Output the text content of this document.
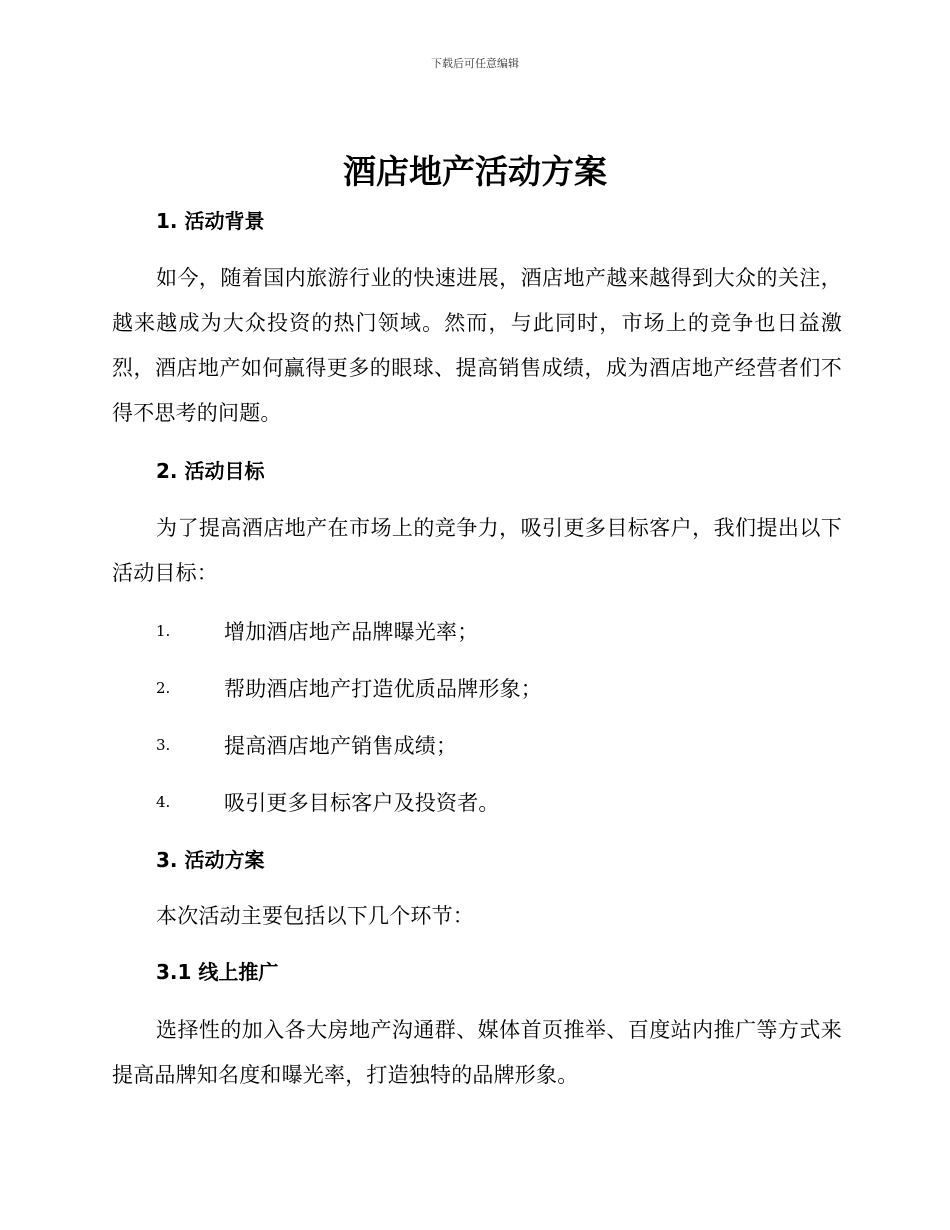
下载后可任意编辑
酒店地产活动方案
1. 活动背景

如今，随着国内旅游行业的快速进展，酒店地产越来越得到大众的关注，越来越成为大众投资的热门领域。然而，与此同时，市场上的竞争也日益激烈，酒店地产如何赢得更多的眼球、提高销售成绩，成为酒店地产经营者们不得不思考的问题。

2. 活动目标

为了提高酒店地产在市场上的竞争力，吸引更多目标客户，我们提出以下活动目标：

1.	增加酒店地产品牌曝光率；
2.	帮助酒店地产打造优质品牌形象；
3.	提高酒店地产销售成绩；
4.	吸引更多目标客户及投资者。
3. 活动方案

本次活动主要包括以下几个环节：

3.1 线上推广

选择性的加入各大房地产沟通群、媒体首页推举、百度站内推广等方式来提高品牌知名度和曝光率，打造独特的品牌形象。
